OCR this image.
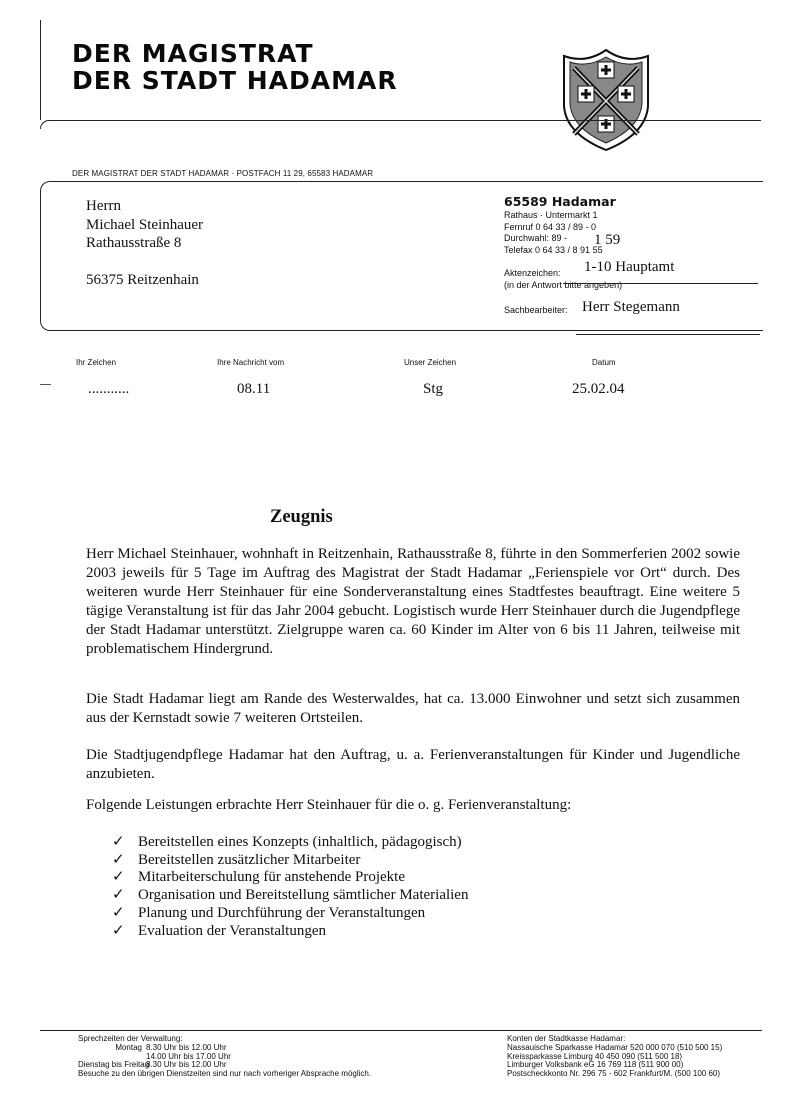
DER MAGISTRAT
DER STADT HADAMAR
DER MAGISTRAT DER STADT HADAMAR · POSTFACH 11 29, 65583 HADAMAR
Herrn
Michael Steinhauer
Rathausstraße 8
56375 Reitzenhain
65589 Hadamar
Rathaus · Untermarkt 1
Fernruf 0 64 33 / 89 - 0
Durchwahl: 89 -	1 59
Telefax 0 64 33 / 8 91 55
Aktenzeichen:	1-10 Hauptamt
(in der Antwort bitte angeben)
Sachbearbeiter: Herr Stegemann
Ihr Zeichen
...........
Ihre Nachricht vom
08.11
Unser Zeichen
Stg
Datum
25.02.04
Zeugnis
Herr Michael Steinhauer, wohnhaft in Reitzenhain, Rathausstraße 8, führte in den Sommerferien 2002 sowie 2003 jeweils für 5 Tage im Auftrag des Magistrat der Stadt Hadamar „Ferienspiele vor Ort“ durch. Des weiteren wurde Herr Steinhauer für eine Sonderveranstaltung eines Stadtfestes beauftragt. Eine weitere 5 tägige Veranstaltung ist für das Jahr 2004 gebucht. Logistisch wurde Herr Steinhauer durch die Jugendpflege der Stadt Hadamar unterstützt. Zielgruppe waren ca. 60 Kinder im Alter von 6 bis 11 Jahren, teilweise mit problematischem Hindergrund.
Die Stadt Hadamar liegt am Rande des Westerwaldes, hat ca. 13.000 Einwohner und setzt sich zusammen aus der Kernstadt sowie 7 weiteren Ortsteilen.
Die Stadtjugendpflege Hadamar hat den Auftrag, u. a. Ferienveranstaltungen für Kinder und Jugendliche anzubieten.
Folgende Leistungen erbrachte Herr Steinhauer für die o. g. Ferienveranstaltung:
✓ Bereitstellen eines Konzepts (inhaltlich, pädagogisch)
✓ Bereitstellen zusätzlicher Mitarbeiter
✓ Mitarbeiterschulung für anstehende Projekte
✓ Organisation und Bereitstellung sämtlicher Materialien
✓ Planung und Durchführung der Veranstaltungen
✓ Evaluation der Veranstaltungen
Sprechzeiten der Verwaltung:
Montag 8.30 Uhr bis 12.00 Uhr
14.00 Uhr bis 17.00 Uhr
Dienstag bis Freitag8.30 Uhr bis 12.00 Uhr
Besuche zu den übrigen Dienstzeiten sind nur nach vorheriger Absprache möglich.
Konten der Stadtkasse Hadamar:
Nassauische Sparkasse Hadamar 520 000 070 (510 500 15)
Kreissparkasse Limburg 40 450 090 (511 500 18)
Limburger Volksbank eG 16 769 118 (511 900 00)
Postscheckkonto Nr. 296 75 - 602 Frankfurt/M. (500 100 60)
